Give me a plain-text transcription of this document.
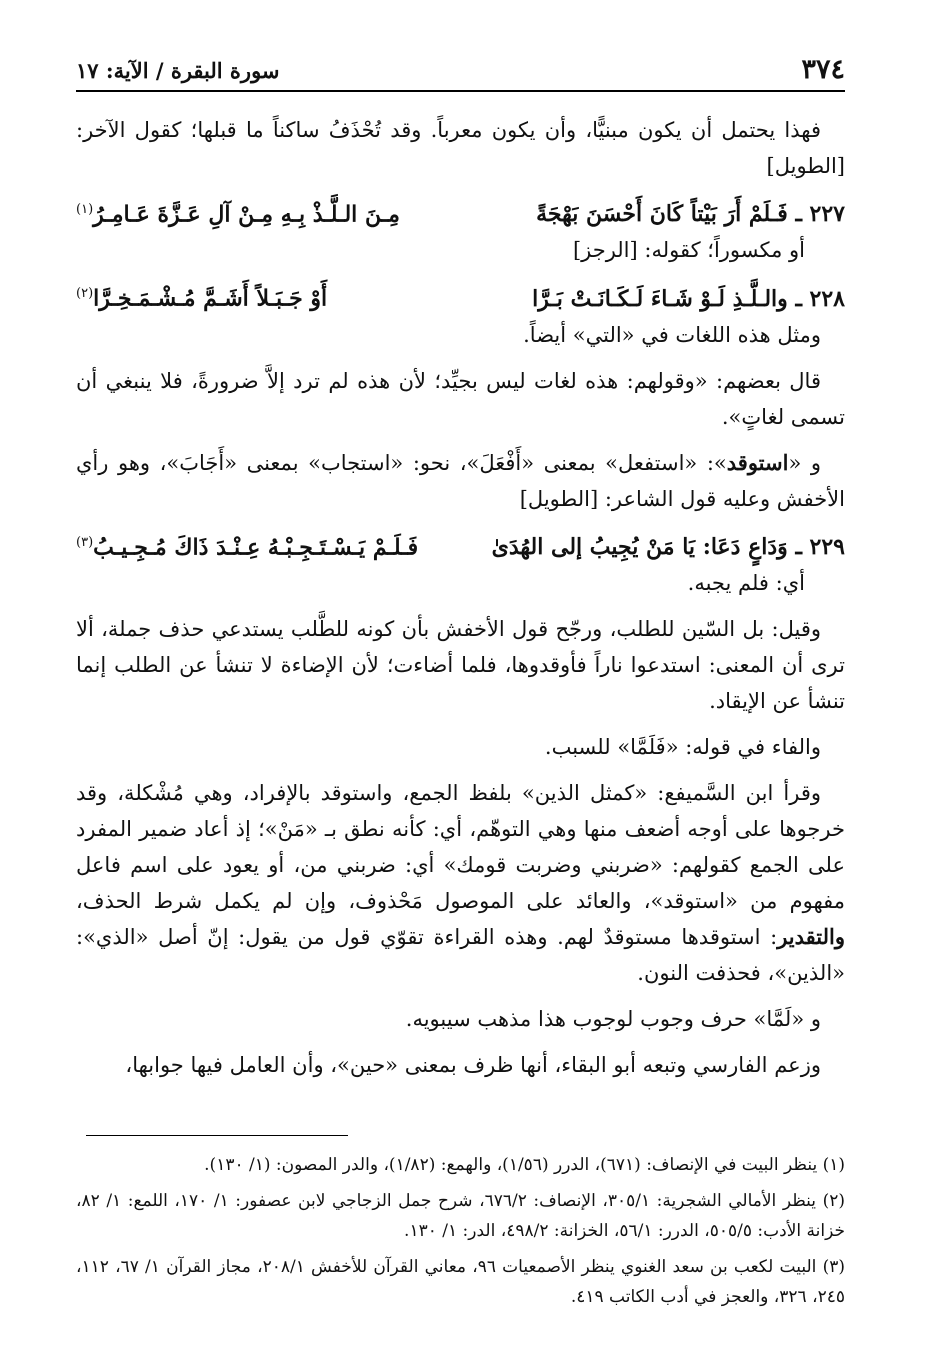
٣٧٤
سورة البقرة / الآية: ١٧

فهذا يحتمل أن يكون مبنيًّا، وأن يكون معرباً. وقد تُحْذَفُ ساكناً ما قبلها؛ كقول الآخر: [الطويل]

٢٢٧ ـ فَـلَمْ أَرَ بَيْتاً كَانَ أَحْسَنَ بَهْجَةً
مِـنَ الـلَّـذْ بِـهِ مِـنْ آلِ عَـزَّةَ عَـامِـرُ$^{(١)}$

أو مكسوراً؛ كقوله: [الرجز]

٢٢٨ ـ والـلَّـذِ لَـوْ شَـاءَ لَـكَـانَـتْ بَـرَّا
أَوْ جَـبَـلاً أَشَـمَّ مُـشْـمَـخِـرَّا$^{(٢)}$

ومثل هذه اللغات في «التي» أيضاً.

قال بعضهم: «وقولهم: هذه لغات ليس بجيِّد؛ لأن هذه لم ترد إلاَّ ضرورةً، فلا ينبغي أن تسمى لغاتٍ».

و «استوقد»: «استفعل» بمعنى «أَفْعَلَ»، نحو: «استجاب» بمعنى «أَجَابَ»، وهو رأي الأخفش وعليه قول الشاعر: [الطويل]

٢٢٩ ـ وَدَاعٍ دَعَا: يَا مَنْ يُجِيبُ إلى الهُدَىٰ
فَـلَـمْ يَـسْـتَـجِـبْـهُ عِـنْـدَ ذَاكَ مُـجِـيـبُ$^{(٣)}$

أي: فلم يجبه.

وقيل: بل السّين للطلب، ورجّح قول الأخفش بأن كونه للطَّلب يستدعي حذف جملة، ألا ترى أن المعنى: استدعوا ناراً فأوقدوها، فلما أضاءت؛ لأن الإضاءة لا تنشأ عن الطلب إنما تنشأ عن الإيقاد.

والفاء في قوله: «فَلَمَّا» للسبب.

وقرأ ابن السَّميفع: «كمثل الذين» بلفظ الجمع، واستوقد بالإفراد، وهي مُشْكلة، وقد خرجوها على أوجه أضعف منها وهي التوهّم، أي: كأنه نطق بـ «مَنْ»؛ إذ أعاد ضمير المفرد على الجمع كقولهم: «ضربني وضربت قومك» أي: ضربني من، أو يعود على اسم فاعل مفهوم من «استوقد»، والعائد على الموصول مَحْذوف، وإن لم يكمل شرط الحذف، والتقدير: استوقدها مستوقدٌ لهم. وهذه القراءة تقوّي قول من يقول: إنّ أصل «الذي»: «الذين»، فحذفت النون.

و «لَمَّا» حرف وجوب لوجوب هذا مذهب سيبويه.

وزعم الفارسي وتبعه أبو البقاء، أنها ظرف بمعنى «حين»، وأن العامل فيها جوابها،

(١) ينظر البيت في الإنصاف: (٦٧١)، الدرر (١/٥٦)، والهمع: (١/٨٢)، والدر المصون: (١/ ١٣٠).

(٢) ينظر الأمالي الشجرية: ٣٠٥/١، الإنصاف: ٦٧٦/٢، شرح جمل الزجاجي لابن عصفور: ١/ ١٧٠، اللمع: ١/ ٨٢، خزانة الأدب: ٥٠٥/٥، الدرر: ٥٦/١، الخزانة: ٤٩٨/٢، الدر: ١/ ١٣٠.

(٣) البيت لكعب بن سعد الغنوي ينظر الأصمعيات ٩٦، معاني القرآن للأخفش ٢٠٨/١، مجاز القرآن ١/ ٦٧، ١١٢، ٢٤٥، ٣٢٦، والعجز في أدب الكاتب ٤١٩.
